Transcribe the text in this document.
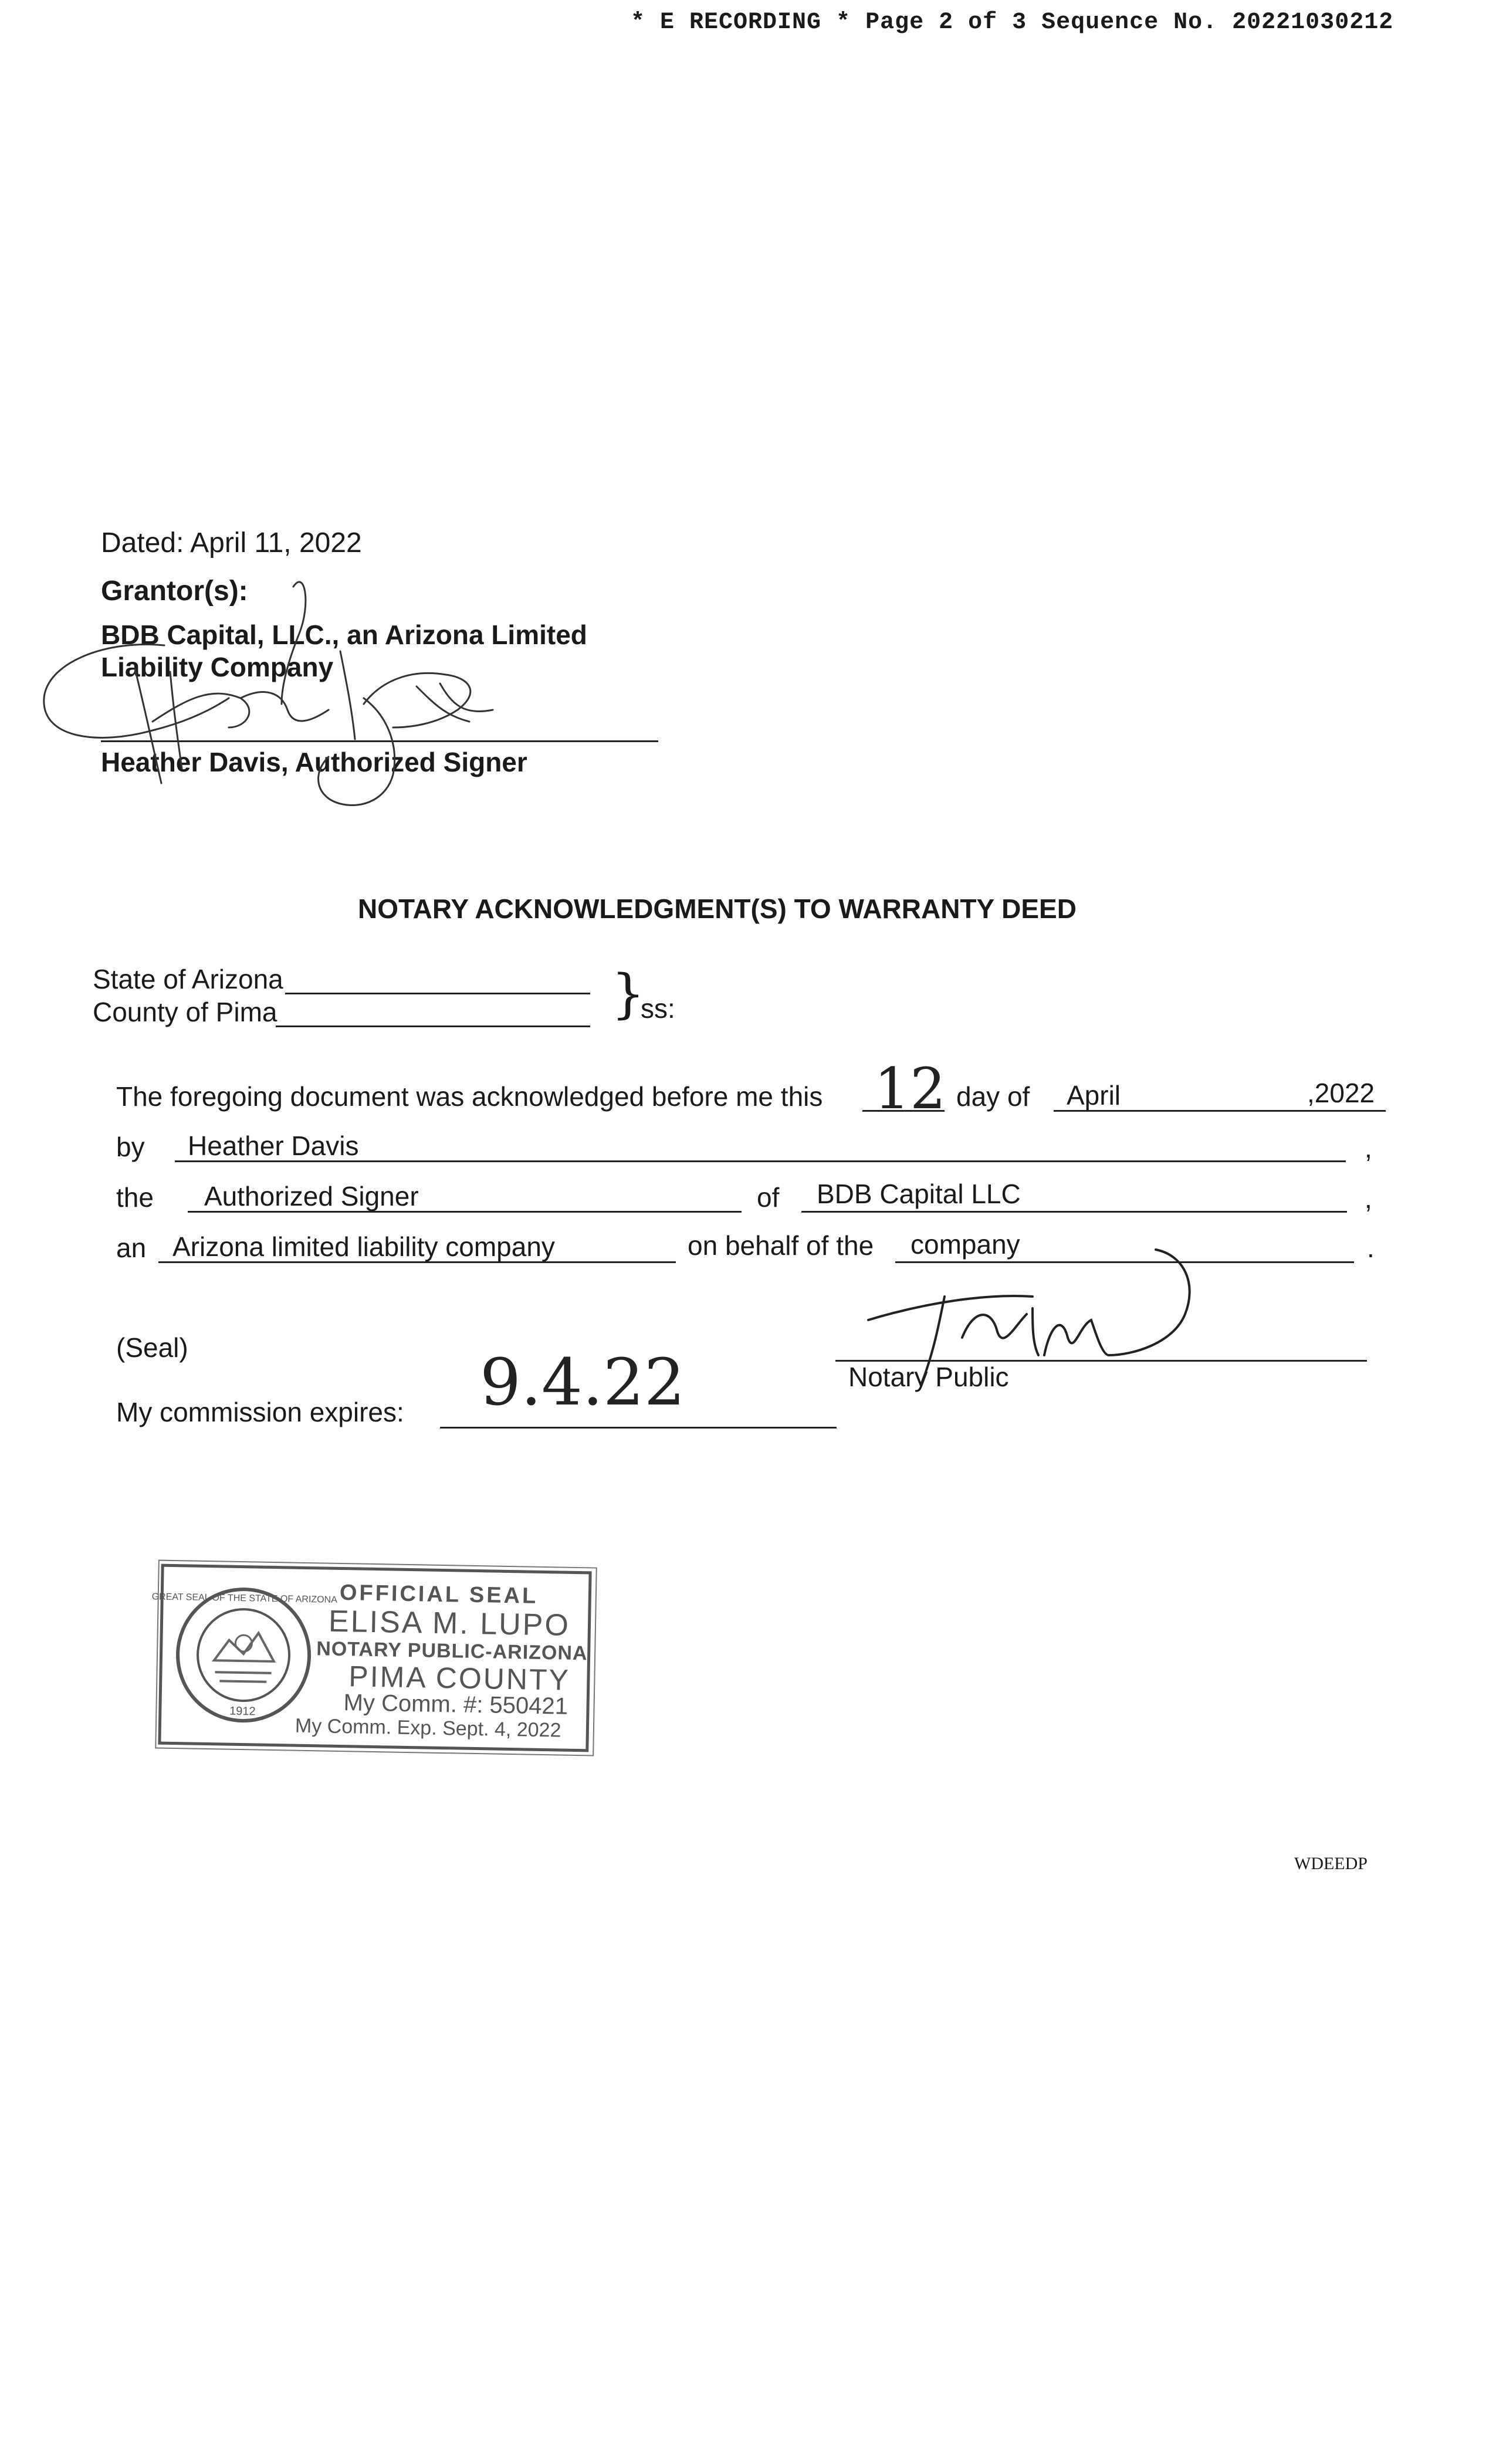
* E RECORDING * Page 2 of 3 Sequence No. 20221030212
Dated: April 11, 2022
Grantor(s):
BDB Capital, LLC., an Arizona Limited
Liability Company
Heather Davis, Authorized Signer
NOTARY ACKNOWLEDGMENT(S) TO WARRANTY DEED
State of Arizona
County of Pima	}
ss:
The foregoing document was acknowledged before me this 12 day of April	,2022
by Heather Davis	,
the Authorized Signer	of BDB Capital LLC	,
an Arizona limited liability company	on behalf of the company	.
(Seal)
Notary Public
My commission expires: 9.4.22
1912
GREAT SEAL OF THE STATE OF ARIZONA OFFICIAL SEAL
ELISA M. LUPO
NOTARY PUBLIC-ARIZONA
PIMA COUNTY
My Comm. #: 550421
My Comm. Exp. Sept. 4, 2022
WDEEDP
